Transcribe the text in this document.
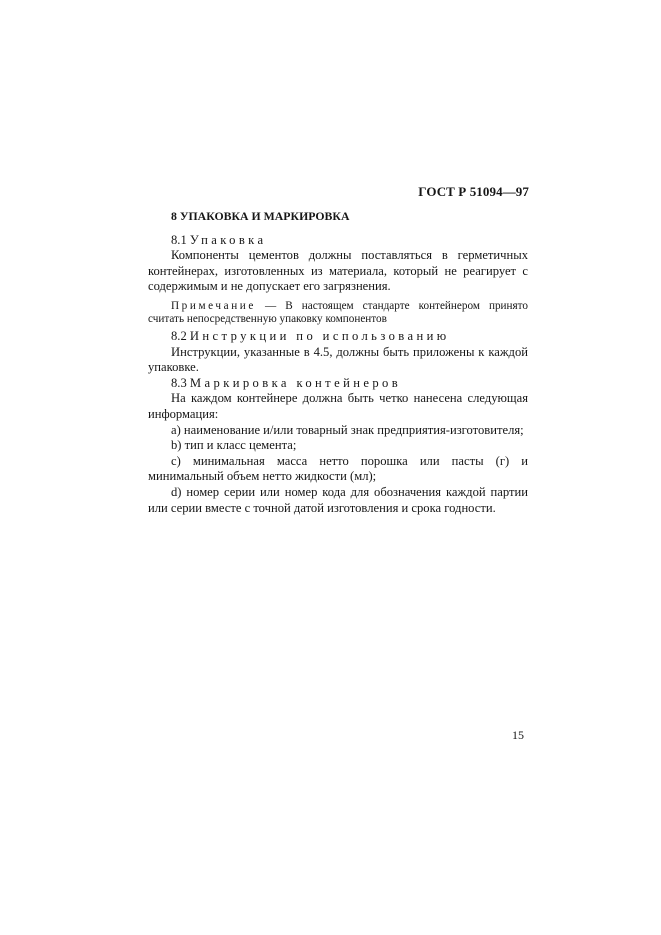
ГОСТ Р 51094—97
8 УПАКОВКА И МАРКИРОВКА
8.1 Упаковка

Компоненты цементов должны поставляться в герметичных контейнерах, изготовленных из материала, который не реагирует с содержимым и не допускает его загрязнения.

Примечание — В настоящем стандарте контейнером принято считать непосредственную упаковку компонентов
8.2 Инструкции по использованию

Инструкции, указанные в 4.5, должны быть приложены к каждой упаковке.

8.3 Маркировка контейнеров

На каждом контейнере должна быть четко нанесена следующая информация:

a) наименование и/или товарный знак предприятия-изготовителя;

b) тип и класс цемента;

c) минимальная масса нетто порошка или пасты (г) и минимальный объем нетто жидкости (мл);

d) номер серии или номер кода для обозначения каждой партии или серии вместе с точной датой изготовления и срока годности.

15
